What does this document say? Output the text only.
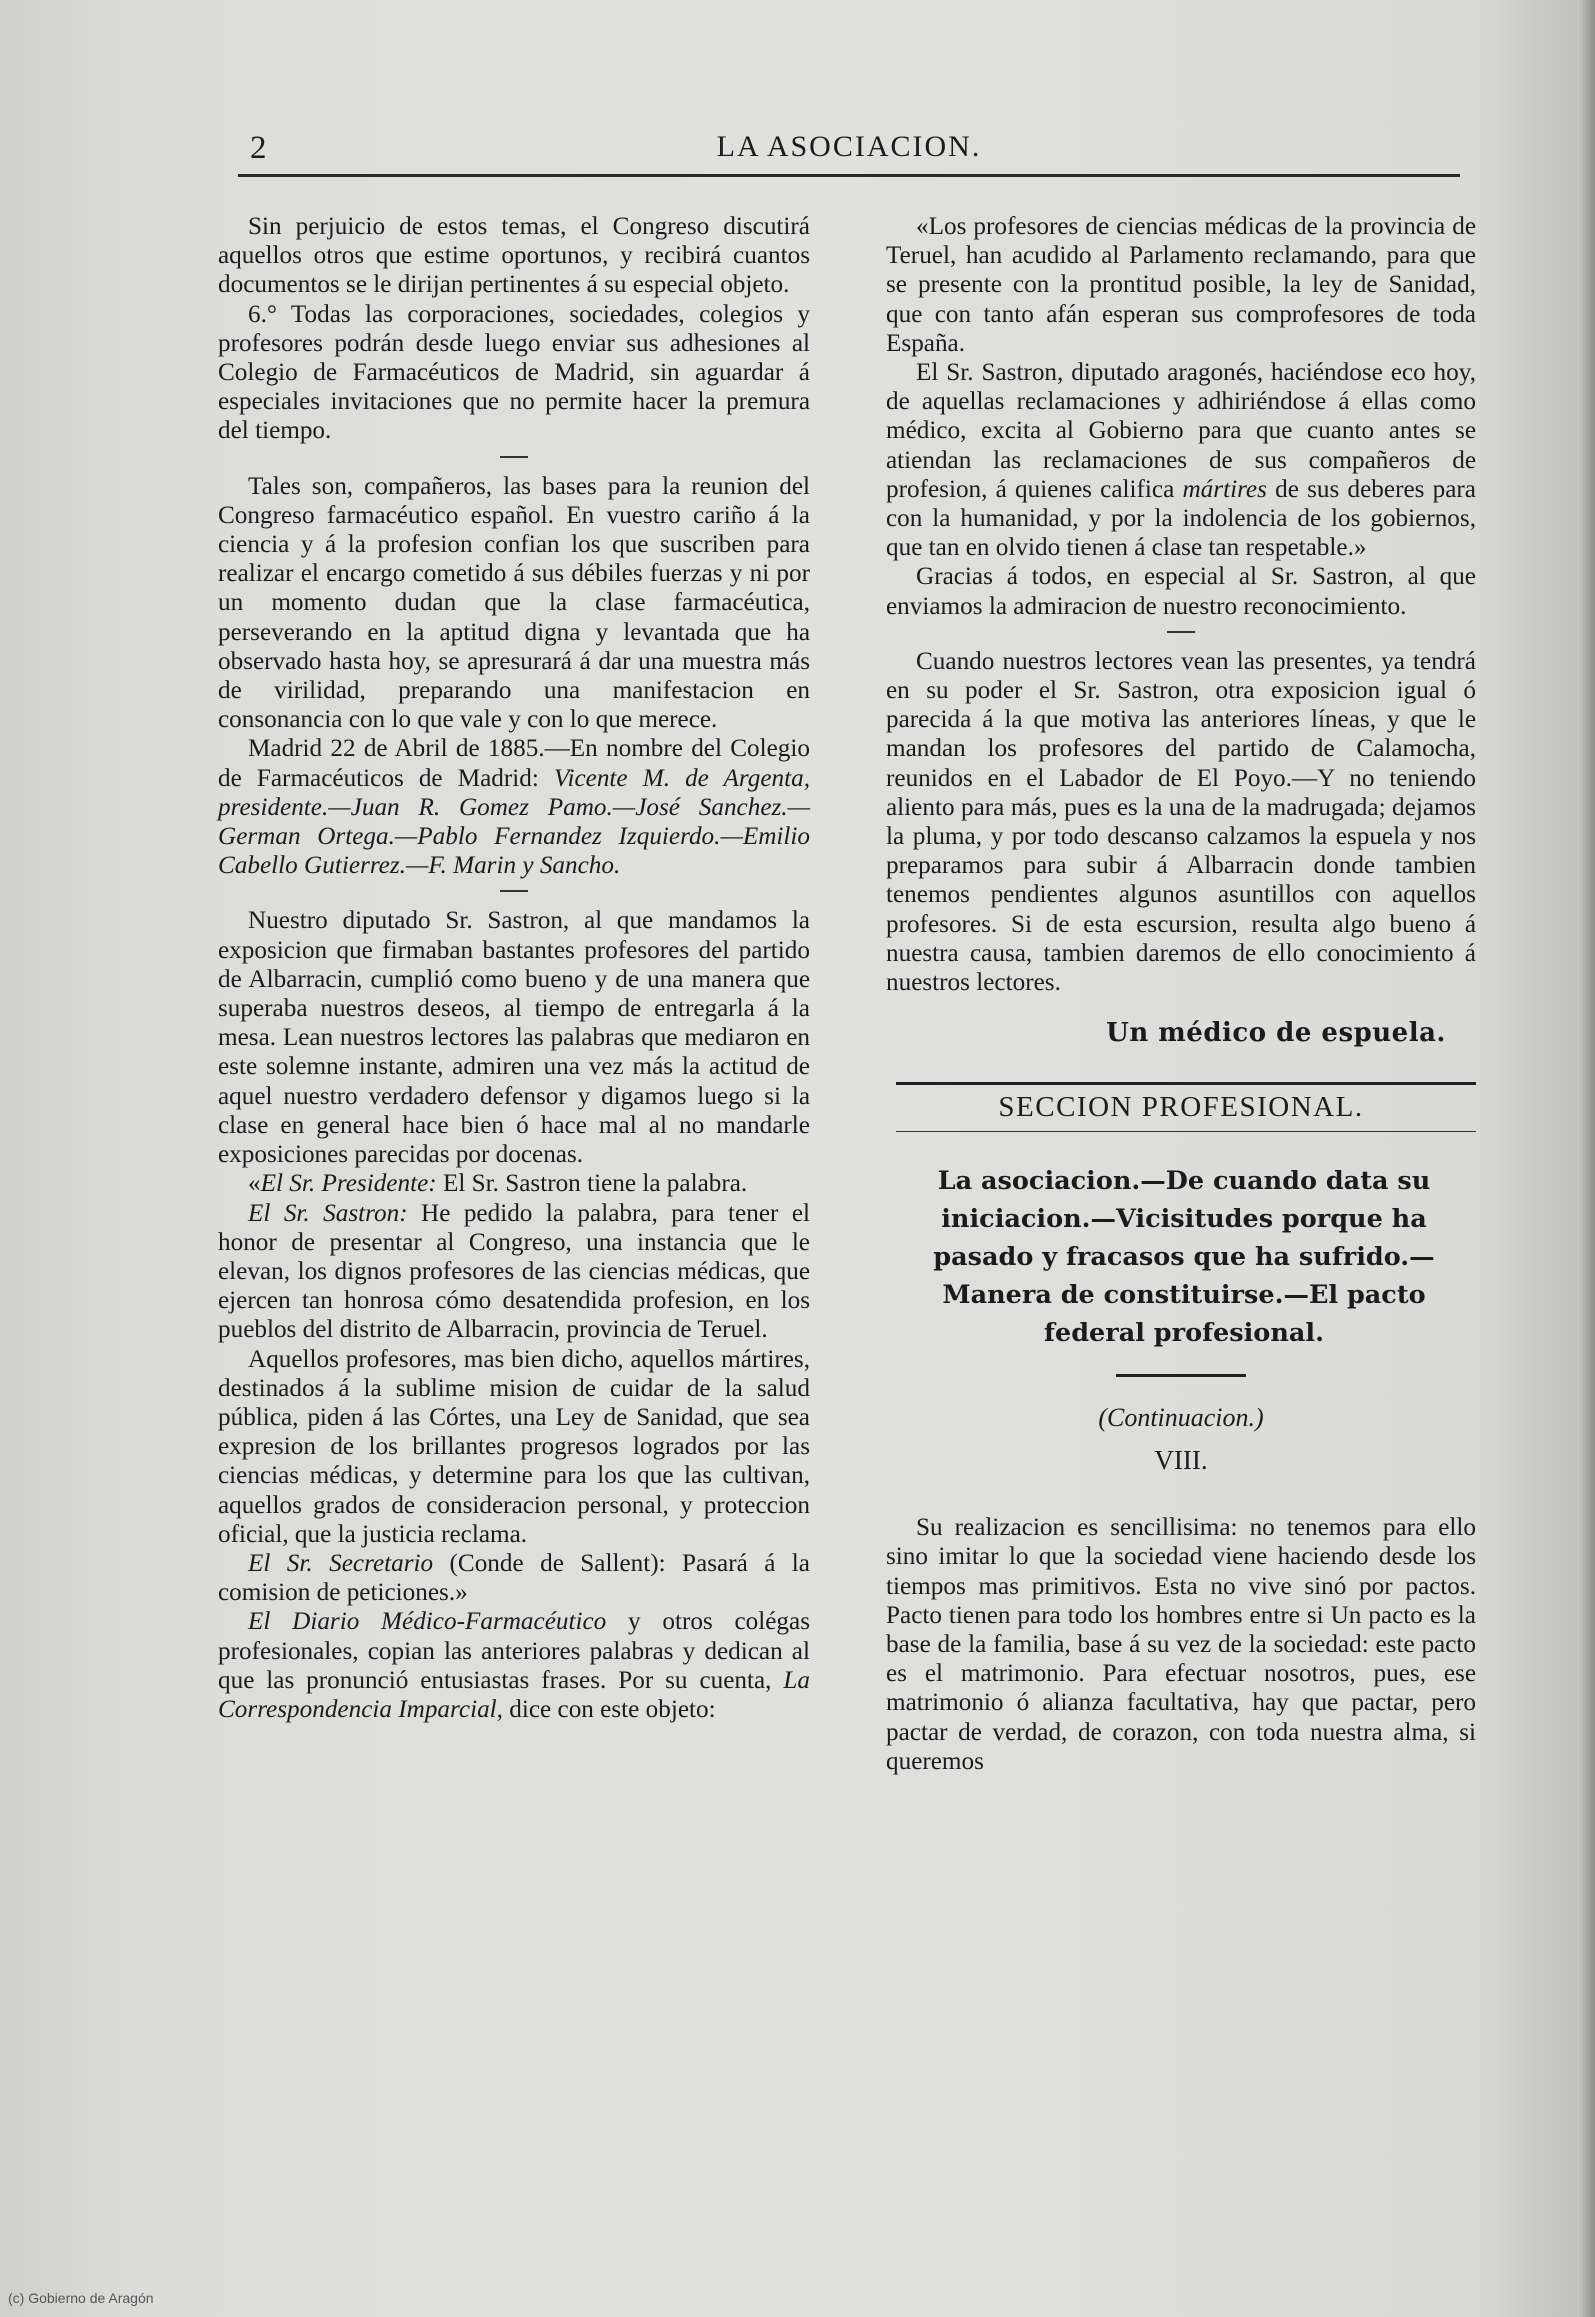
2	LA ASOCIACION.

Sin perjuicio de estos temas, el Congreso discutirá aquellos otros que estime oportunos, y recibirá cuantos documentos se le dirijan pertinentes á su especial objeto.

6.° Todas las corporaciones, sociedades, colegios y profesores podrán desde luego enviar sus adhesiones al Colegio de Farmacéuticos de Madrid, sin aguardar á especiales invitaciones que no permite hacer la premura del tiempo.

Tales son, compañeros, las bases para la reunion del Congreso farmacéutico español. En vuestro cariño á la ciencia y á la profesion confian los que suscriben para realizar el encargo cometido á sus débiles fuerzas y ni por un momento dudan que la clase farmacéutica, perseverando en la aptitud digna y levantada que ha observado hasta hoy, se apresurará á dar una muestra más de virilidad, preparando una manifestacion en consonancia con lo que vale y con lo que merece.

Madrid 22 de Abril de 1885.—En nombre del Colegio de Farmacéuticos de Madrid: Vicente M. de Argenta, presidente.—Juan R. Gomez Pamo.—José Sanchez.—German Ortega.—Pablo Fernandez Izquierdo.—Emilio Cabello Gutierrez.—F. Marin y Sancho.

Nuestro diputado Sr. Sastron, al que mandamos la exposicion que firmaban bastantes profesores del partido de Albarracin, cumplió como bueno y de una manera que superaba nuestros deseos, al tiempo de entregarla á la mesa. Lean nuestros lectores las palabras que mediaron en este solemne instante, admiren una vez más la actitud de aquel nuestro verdadero defensor y digamos luego si la clase en general hace bien ó hace mal al no mandarle exposiciones parecidas por docenas.

«El Sr. Presidente: El Sr. Sastron tiene la palabra.

El Sr. Sastron: He pedido la palabra, para tener el honor de presentar al Congreso, una instancia que le elevan, los dignos profesores de las ciencias médicas, que ejercen tan honrosa cómo desatendida profesion, en los pueblos del distrito de Albarracin, provincia de Teruel.

Aquellos profesores, mas bien dicho, aquellos mártires, destinados á la sublime mision de cuidar de la salud pública, piden á las Córtes, una Ley de Sanidad, que sea expresion de los brillantes progresos logrados por las ciencias médicas, y determine para los que las cultivan, aquellos grados de consideracion personal, y proteccion oficial, que la justicia reclama.

El Sr. Secretario (Conde de Sallent): Pasará á la comision de peticiones.»

El Diario Médico-Farmacéutico y otros colégas profesionales, copian las anteriores palabras y dedican al que las pronunció entusiastas frases. Por su cuenta, La Correspondencia Imparcial, dice con este objeto:

«Los profesores de ciencias médicas de la provincia de Teruel, han acudido al Parlamento reclamando, para que se presente con la prontitud posible, la ley de Sanidad, que con tanto afán esperan sus comprofesores de toda España.

El Sr. Sastron, diputado aragonés, haciéndose eco hoy, de aquellas reclamaciones y adhiriéndose á ellas como médico, excita al Gobierno para que cuanto antes se atiendan las reclamaciones de sus compañeros de profesion, á quienes califica mártires de sus deberes para con la humanidad, y por la indolencia de los gobiernos, que tan en olvido tienen á clase tan respetable.»

Gracias á todos, en especial al Sr. Sastron, al que enviamos la admiracion de nuestro reconocimiento.

Cuando nuestros lectores vean las presentes, ya tendrá en su poder el Sr. Sastron, otra exposicion igual ó parecida á la que motiva las anteriores líneas, y que le mandan los profesores del partido de Calamocha, reunidos en el Labador de El Poyo.—Y no teniendo aliento para más, pues es la una de la madrugada; dejamos la pluma, y por todo descanso calzamos la espuela y nos preparamos para subir á Albarracin donde tambien tenemos pendientes algunos asuntillos con aquellos profesores. Si de esta escursion, resulta algo bueno á nuestra causa, tambien daremos de ello conocimiento á nuestros lectores.

Un médico de espuela.
SECCION PROFESIONAL.
La asociacion.—De cuando data su iniciacion.—Vicisitudes porque ha pasado y fracasos que ha sufrido.—Manera de constituirse.—El pacto federal profesional.
(Continuacion.)
VIII.

Su realizacion es sencillisima: no tenemos para ello sino imitar lo que la sociedad viene haciendo desde los tiempos mas primitivos. Esta no vive sinó por pactos. Pacto tienen para todo los hombres entre si Un pacto es la base de la familia, base á su vez de la sociedad: este pacto es el matrimonio. Para efectuar nosotros, pues, ese matrimonio ó alianza facultativa, hay que pactar, pero pactar de verdad, de corazon, con toda nuestra alma, si queremos

(c) Gobierno de Aragón
